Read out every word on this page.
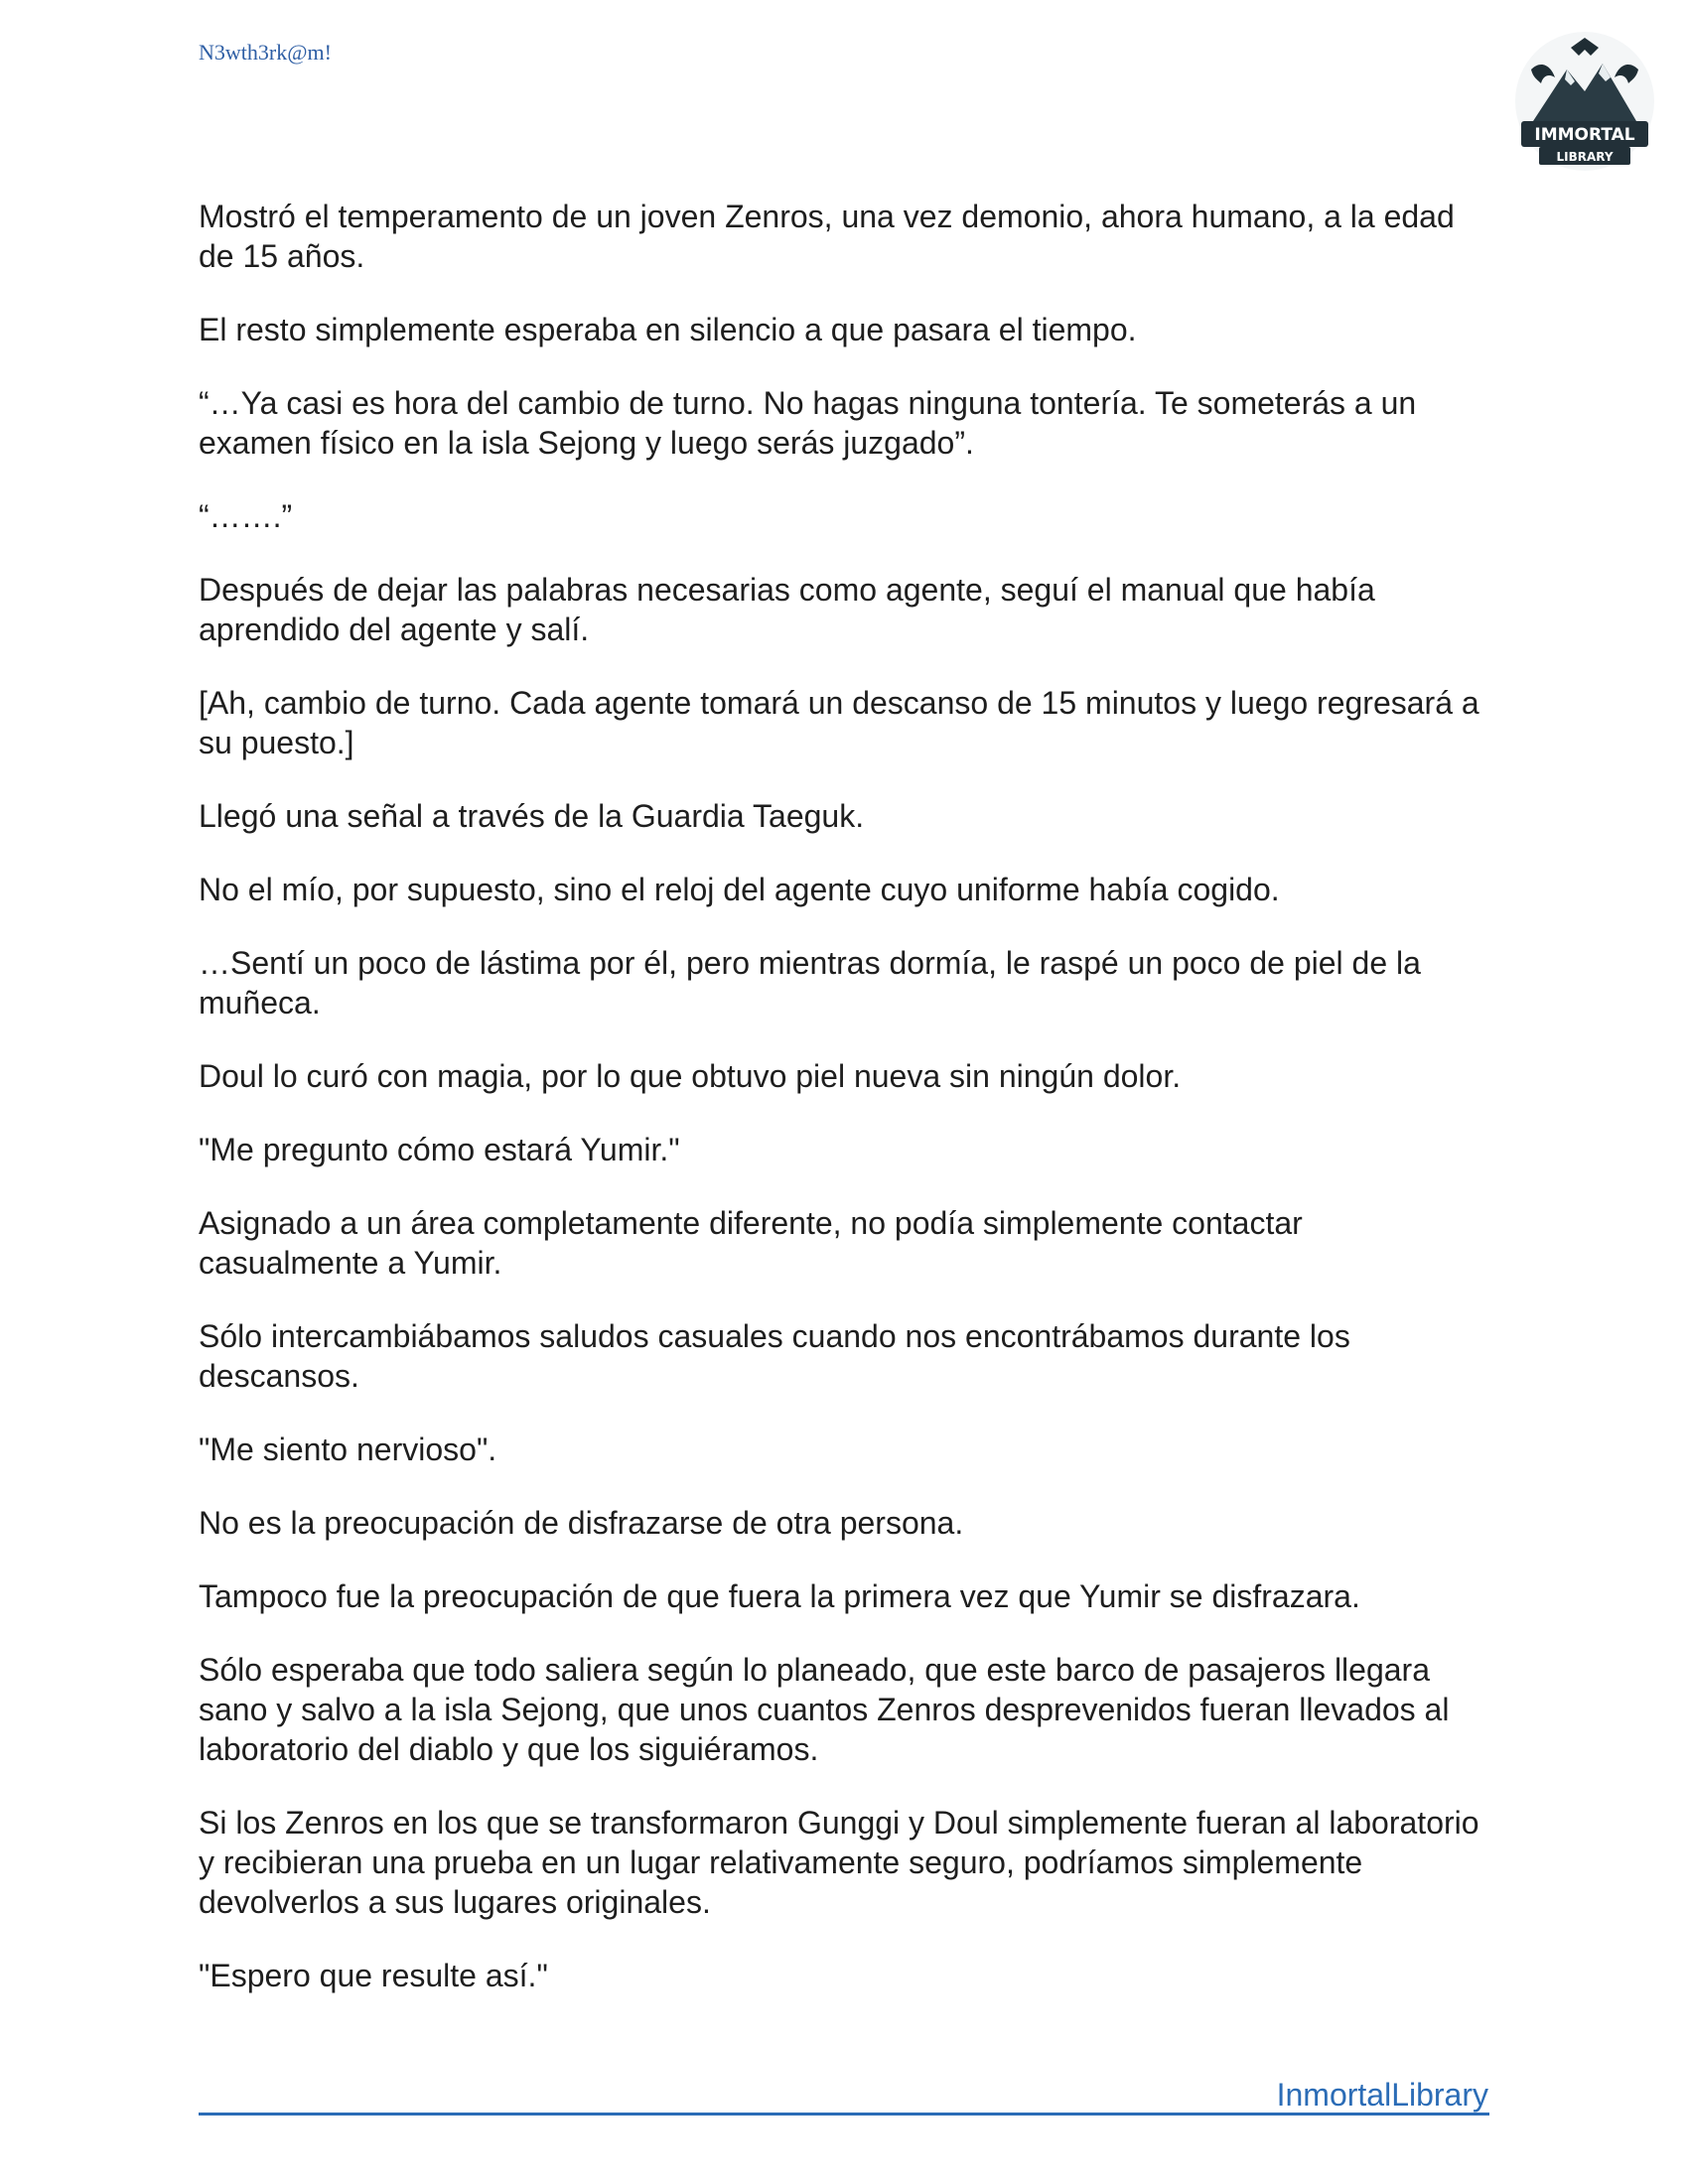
N3wth3rk@m!
IMMORTAL
LIBRARY

Mostró el temperamento de un joven Zenros, una vez demonio, ahora humano, a la edad de 15 años.

El resto simplemente esperaba en silencio a que pasara el tiempo.

“…Ya casi es hora del cambio de turno. No hagas ninguna tontería. Te someterás a un examen físico en la isla Sejong y luego serás juzgado”.

“…….”

Después de dejar las palabras necesarias como agente, seguí el manual que había aprendido del agente y salí.

[Ah, cambio de turno. Cada agente tomará un descanso de 15 minutos y luego regresará a su puesto.]

Llegó una señal a través de la Guardia Taeguk.

No el mío, por supuesto, sino el reloj del agente cuyo uniforme había cogido.

…Sentí un poco de lástima por él, pero mientras dormía, le raspé un poco de piel de la muñeca.

Doul lo curó con magia, por lo que obtuvo piel nueva sin ningún dolor.

"Me pregunto cómo estará Yumir."

Asignado a un área completamente diferente, no podía simplemente contactar casualmente a Yumir.

Sólo intercambiábamos saludos casuales cuando nos encontrábamos durante los descansos.

"Me siento nervioso".

No es la preocupación de disfrazarse de otra persona.

Tampoco fue la preocupación de que fuera la primera vez que Yumir se disfrazara.

Sólo esperaba que todo saliera según lo planeado, que este barco de pasajeros llegara sano y salvo a la isla Sejong, que unos cuantos Zenros desprevenidos fueran llevados al laboratorio del diablo y que los siguiéramos.

Si los Zenros en los que se transformaron Gunggi y Doul simplemente fueran al laboratorio y recibieran una prueba en un lugar relativamente seguro, podríamos simplemente devolverlos a sus lugares originales.

"Espero que resulte así."

InmortalLibrary
